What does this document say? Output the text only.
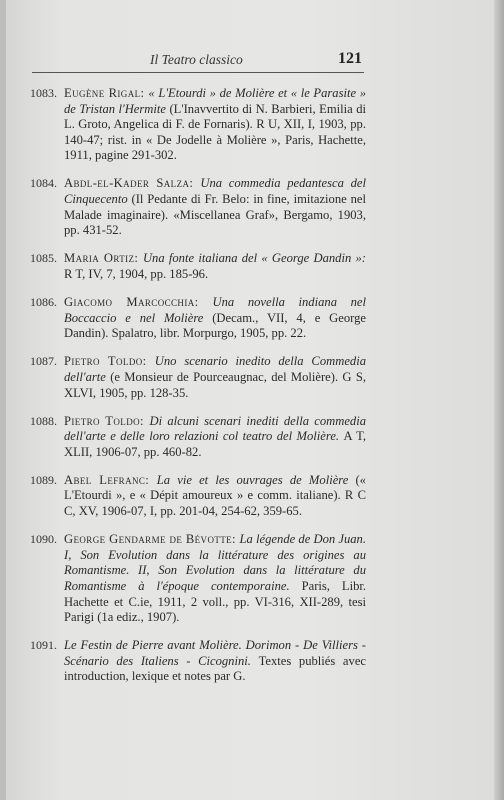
Il Teatro classico	121
1083. Eugène Rigal: « L'Etourdi » de Molière et « le Parasite » de Tristan l'Hermite (L'Inavvertito di N. Barbieri, Emilia di L. Groto, Angelica di F. de Fornaris). R U, XII, I, 1903, pp. 140-47; rist. in « De Jodelle à Molière », Paris, Hachette, 1911, pagine 291-302.
1084. Abdl-el-Kader Salza: Una commedia pedantesca del Cinquecento (Il Pedante di Fr. Belo: in fine, imitazione nel Malade imaginaire). «Miscellanea Graf», Bergamo, 1903, pp. 431-52.
1085. Maria Ortiz: Una fonte italiana del « George Dandin »: R T, IV, 7, 1904, pp. 185-96.
1086. Giacomo Marcocchia: Una novella indiana nel Boccaccio e nel Molière (Decam., VII, 4, e George Dandin). Spalatro, libr. Morpurgo, 1905, pp. 22.
1087. Pietro Toldo: Uno scenario inedito della Commedia dell'arte (e Monsieur de Pourceaugnac, del Molière). G S, XLVI, 1905, pp. 128-35.
1088. Pietro Toldo: Di alcuni scenari inediti della commedia dell'arte e delle loro relazioni col teatro del Molière. A T, XLII, 1906-07, pp. 460-82.
1089. Abel Lefranc: La vie et les ouvrages de Molière (« L'Etourdi », e « Dépit amoureux » e comm. italiane). R C C, XV, 1906-07, I, pp. 201-04, 254-62, 359-65.
1090. George Gendarme de Bévotte: La légende de Don Juan. I, Son Evolution dans la littérature des origines au Romantisme. II, Son Evolution dans la littérature du Romantisme à l'époque contemporaine. Paris, Libr. Hachette et C.ie, 1911, 2 voll., pp. VI-316, XII-289, tesi Parigi (1a ediz., 1907).
1091. Le Festin de Pierre avant Molière. Dorimon - De Villiers - Scénario des Italiens - Cicognini. Textes publiés avec introduction, lexique et notes par G.
